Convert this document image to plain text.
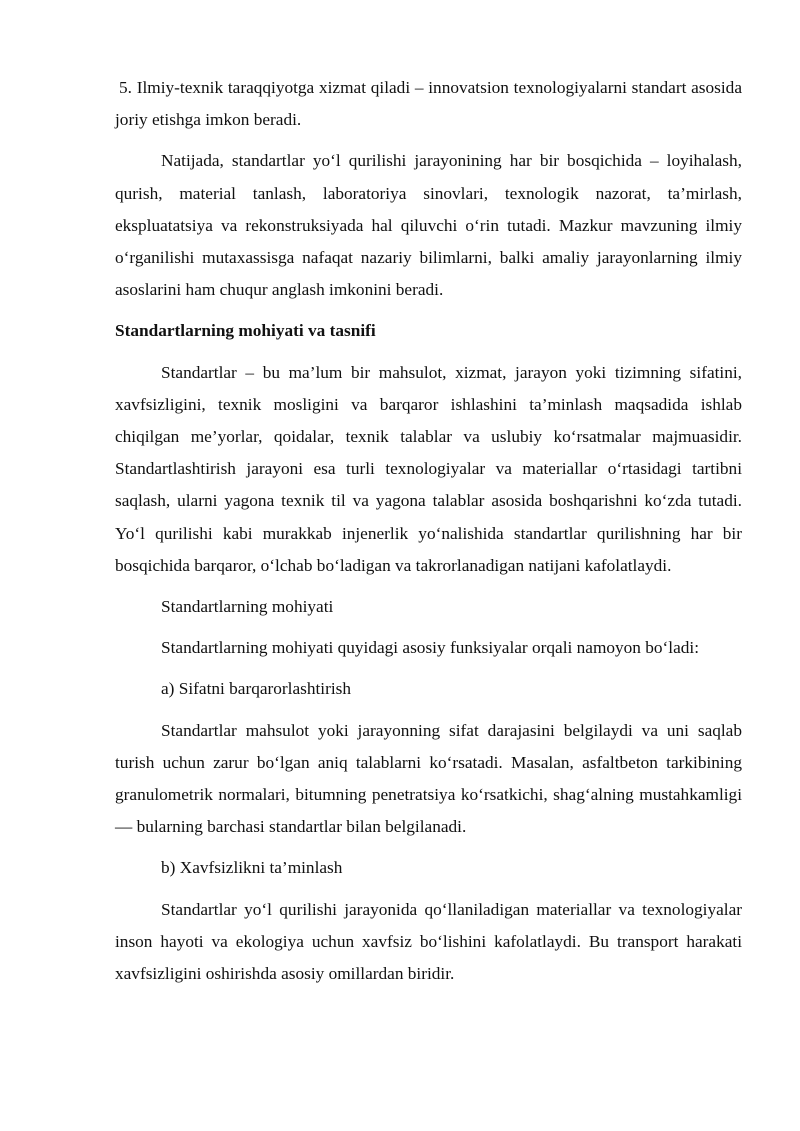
5. Ilmiy-texnik taraqqiyotga xizmat qiladi – innovatsion texnologiyalarni standart asosida joriy etishga imkon beradi.

Natijada, standartlar yo‘l qurilishi jarayonining har bir bosqichida – loyihalash, qurish, material tanlash, laboratoriya sinovlari, texnologik nazorat, ta’mirlash, ekspluatatsiya va rekonstruksiyada hal qiluvchi o‘rin tutadi. Mazkur mavzuning ilmiy o‘rganilishi mutaxassisga nafaqat nazariy bilimlarni, balki amaliy jarayonlarning ilmiy asoslarini ham chuqur anglash imkonini beradi.

Standartlarning mohiyati va tasnifi

Standartlar – bu ma’lum bir mahsulot, xizmat, jarayon yoki tizimning sifatini, xavfsizligini, texnik mosligini va barqaror ishlashini ta’minlash maqsadida ishlab chiqilgan me’yorlar, qoidalar, texnik talablar va uslubiy ko‘rsatmalar majmuasidir. Standartlashtirish jarayoni esa turli texnologiyalar va materiallar o‘rtasidagi tartibni saqlash, ularni yagona texnik til va yagona talablar asosida boshqarishni ko‘zda tutadi. Yo‘l qurilishi kabi murakkab injenerlik yo‘nalishida standartlar qurilishning har bir bosqichida barqaror, o‘lchab bo‘ladigan va takrorlanadigan natijani kafolatlaydi.

Standartlarning mohiyati

Standartlarning mohiyati quyidagi asosiy funksiyalar orqali namoyon bo‘ladi:

a) Sifatni barqarorlashtirish

Standartlar mahsulot yoki jarayonning sifat darajasini belgilaydi va uni saqlab turish uchun zarur bo‘lgan aniq talablarni ko‘rsatadi. Masalan, asfaltbeton tarkibining granulometrik normalari, bitumning penetratsiya ko‘rsatkichi, shag‘alning mustahkamligi — bularning barchasi standartlar bilan belgilanadi.

b) Xavfsizlikni ta’minlash

Standartlar yo‘l qurilishi jarayonida qo‘llaniladigan materiallar va texnologiyalar inson hayoti va ekologiya uchun xavfsiz bo‘lishini kafolatlaydi. Bu transport harakati xavfsizligini oshirishda asosiy omillardan biridir.
